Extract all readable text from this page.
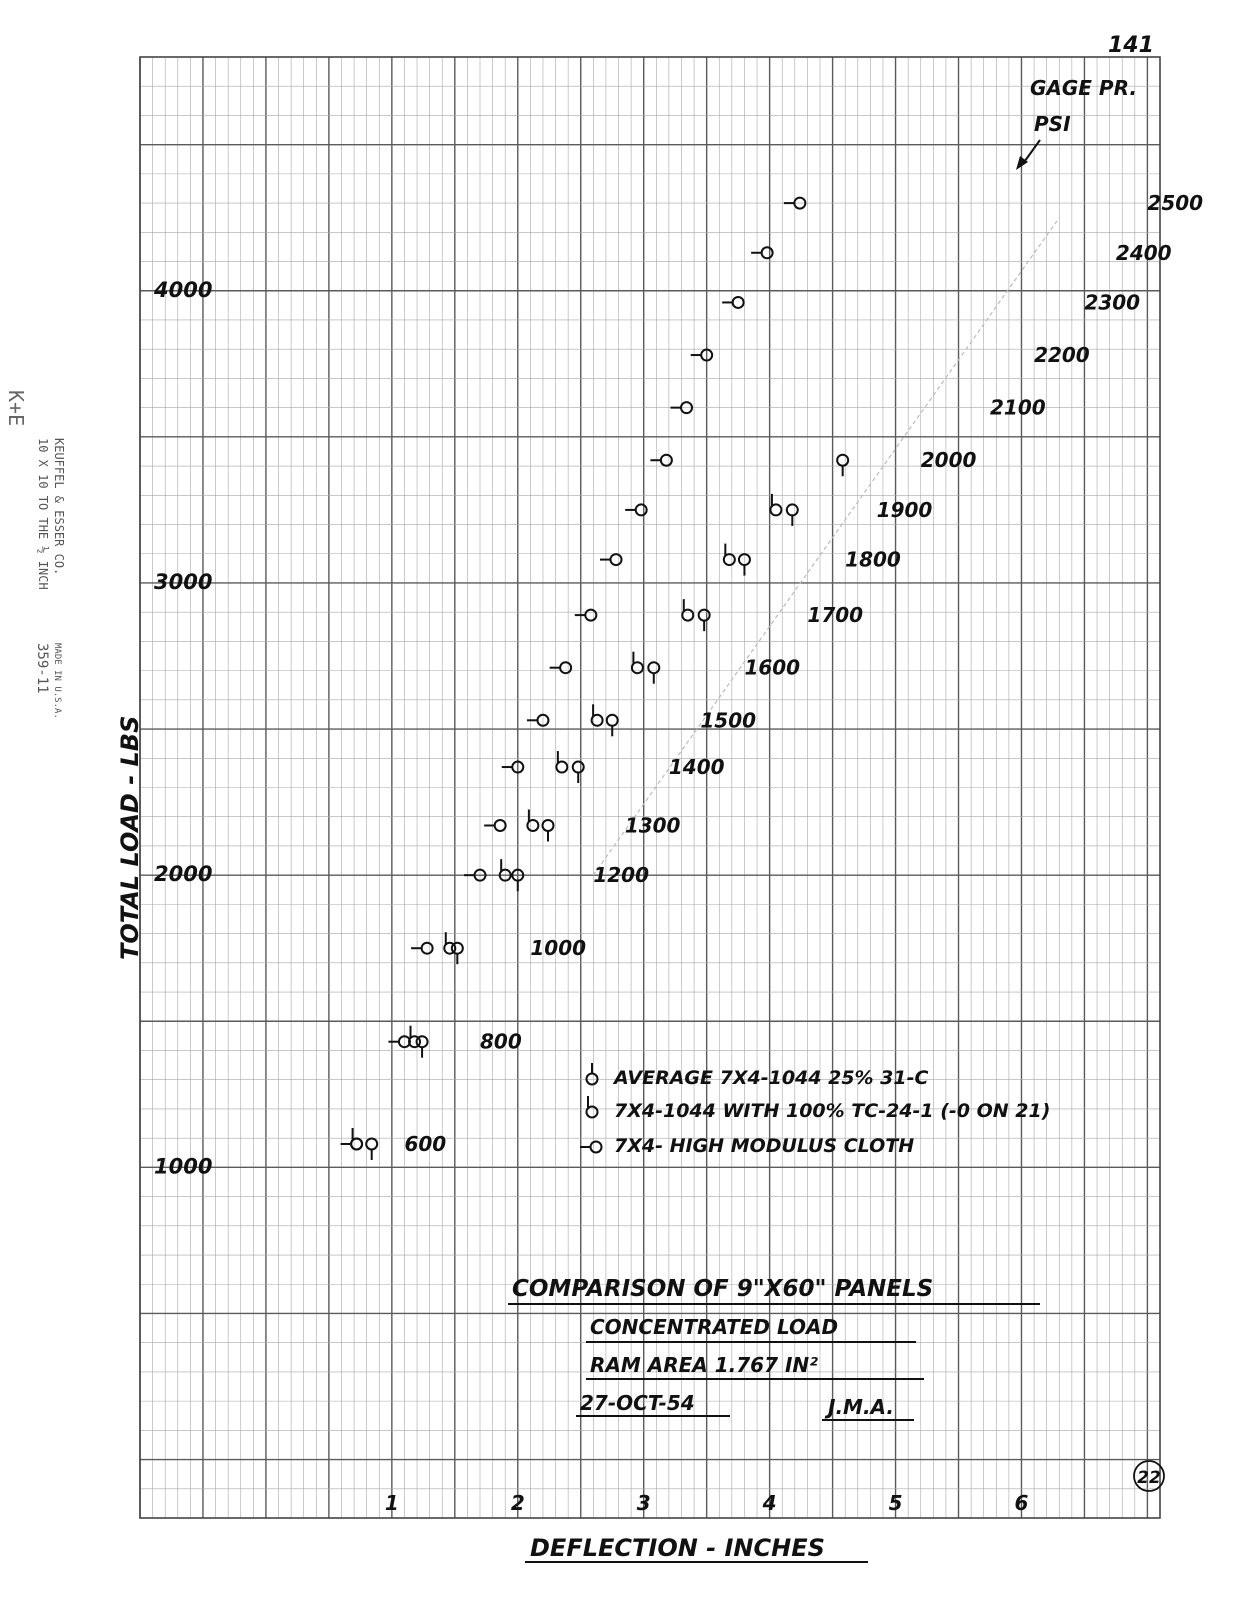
141
GAGE PR.
PSI
TOTAL LOAD - LBS
DEFLECTION - INCHES
AVERAGE 7X4-1044 25% 31-C
7X4-1044 WITH 100% TC-24-1 (-0 ON 21)
7X4- HIGH MODULUS CLOTH
COMPARISON OF 9"X60" PANELS
CONCENTRATED LOAD
RAM AREA 1.767 IN²
27-OCT-54	J.M.A.
22
1	2	3	4	5	6
1000
2000
3000
4000
600
800
1000
1200
1300
1400
1500
1600
1700
1800
1900
2000
2100
2200
2300
2400
2500
K+E
KEUFFEL & ESSER CO.
10 X 10 TO THE ½ INCH
MADE IN U.S.A.
359-11
